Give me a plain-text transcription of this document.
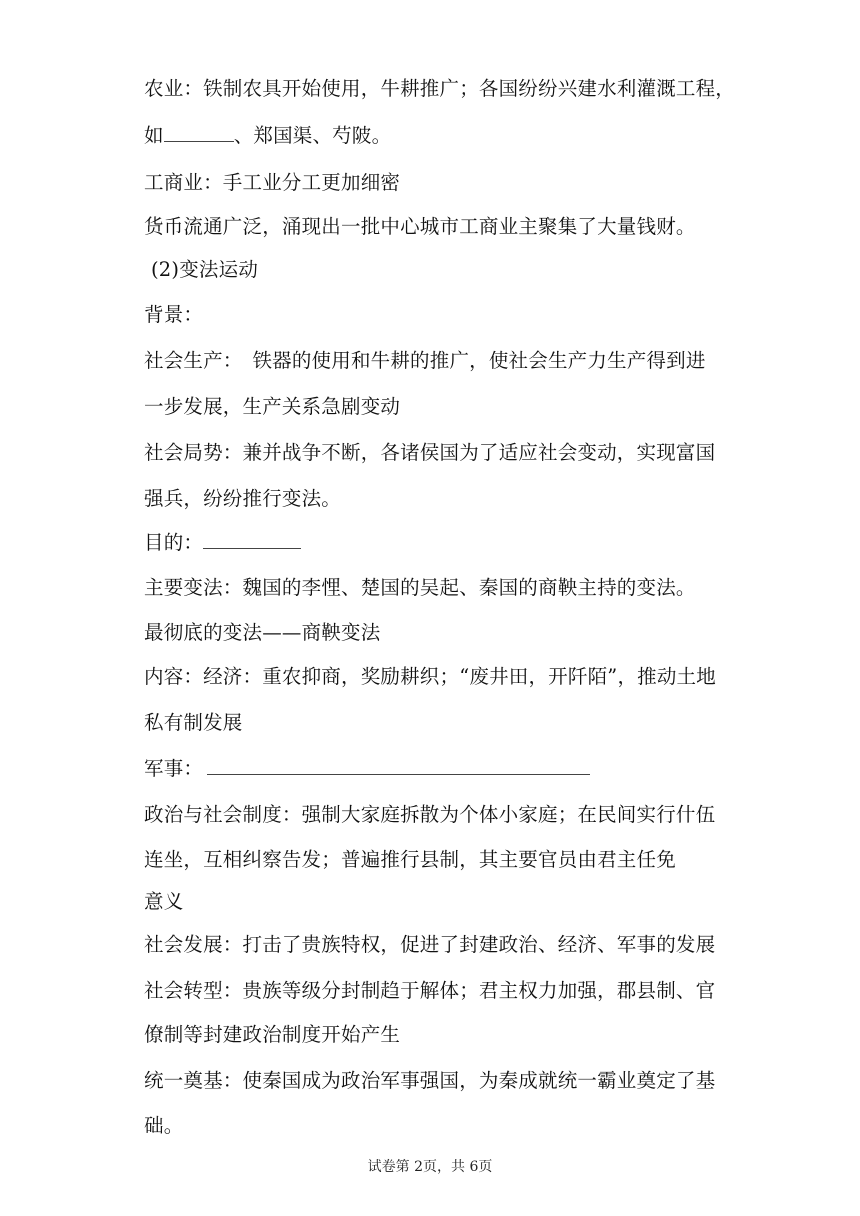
农业：铁制农具开始使用，牛耕推广；各国纷纷兴建水利灌溉工程，
如	、郑国渠、芍陂。
工商业：手工业分工更加细密
货币流通广泛，涌现出一批中心城市工商业主聚集了大量钱财。
(2)变法运动
背景：
社会生产：　铁器的使用和牛耕的推广，使社会生产力生产得到进
一步发展，生产关系急剧变动
社会局势：兼并战争不断，各诸侯国为了适应社会变动，实现富国
强兵，纷纷推行变法。
目的：
主要变法：魏国的李悝、楚国的吴起、秦国的商鞅主持的变法。
最彻底的变法——商鞅变法
内容：经济：重农抑商，奖励耕织；“废井田，开阡陌”，推动土地
私有制发展
军事：
政治与社会制度：强制大家庭拆散为个体小家庭；在民间实行什伍
连坐，互相纠察告发；普遍推行县制，其主要官员由君主任免
意义
社会发展：打击了贵族特权，促进了封建政治、经济、军事的发展
社会转型：贵族等级分封制趋于解体；君主权力加强，郡县制、官
僚制等封建政治制度开始产生
统一奠基：使秦国成为政治军事强国，为秦成就统一霸业奠定了基
础。
试卷第 2页，共 6页
